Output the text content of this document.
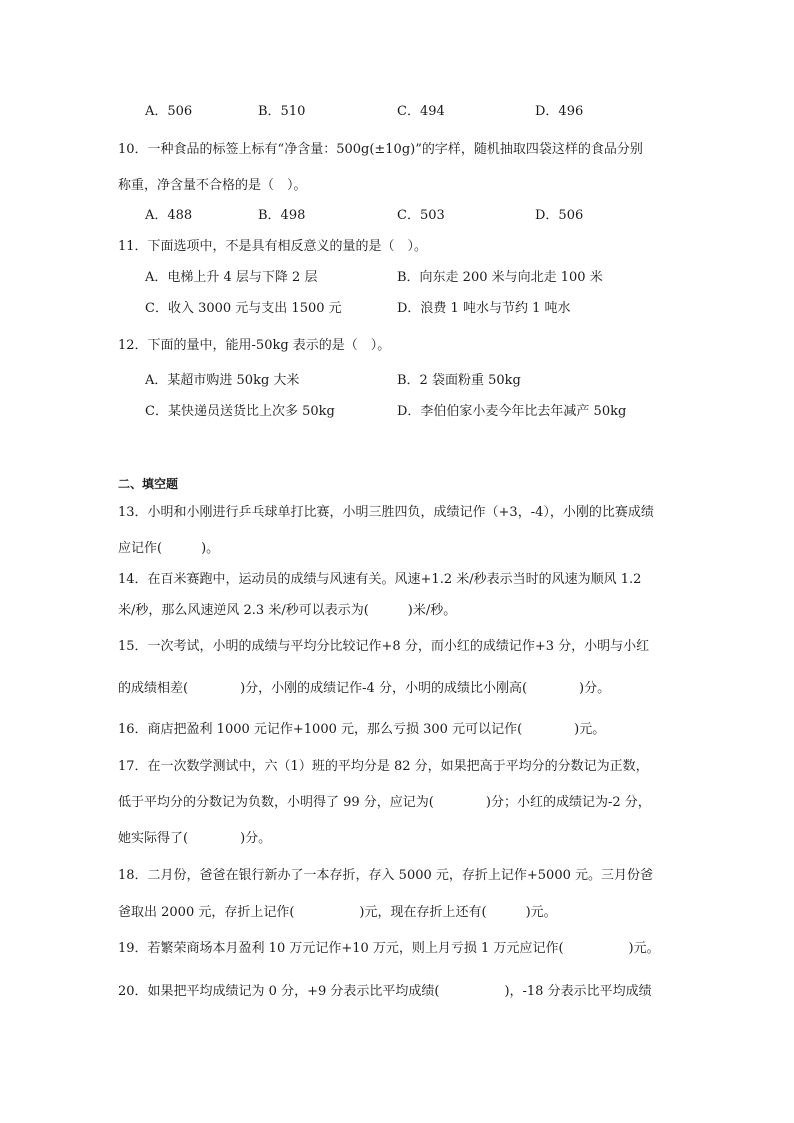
A．506	B．510	C．494	D．496
10．一种食品的标签上标有“净含量：500g(±10g)”的字样，随机抽取四袋这样的食品分别
称重，净含量不合格的是（　）。
A．488	B．498	C．503	D．506
11．下面选项中，不是具有相反意义的量的是（　）。
A．电梯上升 4 层与下降 2 层	B．向东走 200 米与向北走 100 米
C．收入 3000 元与支出 1500 元	D．浪费 1 吨水与节约 1 吨水
12．下面的量中，能用-50kg 表示的是（　）。
A．某超市购进 50kg 大米	B．2 袋面粉重 50kg
C．某快递员送货比上次多 50kg	D．李伯伯家小麦今年比去年减产 50kg
二、填空题
13．小明和小刚进行乒乓球单打比赛，小明三胜四负，成绩记作（+3，-4），小刚的比赛成绩
应记作(　　　)。
14．在百米赛跑中，运动员的成绩与风速有关。风速+1.2 米/秒表示当时的风速为顺风 1.2
米/秒，那么风速逆风 2.3 米/秒可以表示为(　　　)米/秒。
15．一次考试，小明的成绩与平均分比较记作+8 分，而小红的成绩记作+3 分，小明与小红
的成绩相差(　　　　)分，小刚的成绩记作-4 分，小明的成绩比小刚高(　　　　)分。
16．商店把盈利 1000 元记作+1000 元，那么亏损 300 元可以记作(　　　　)元。
17．在一次数学测试中，六（1）班的平均分是 82 分，如果把高于平均分的分数记为正数，
低于平均分的分数记为负数，小明得了 99 分，应记为(　　　　)分；小红的成绩记为-2 分，
她实际得了(　　　　)分。
18．二月份，爸爸在银行新办了一本存折，存入 5000 元，存折上记作+5000 元。三月份爸
爸取出 2000 元，存折上记作(　　　　　)元，现在存折上还有(　　　)元。
19．若繁荣商场本月盈利 10 万元记作+10 万元，则上月亏损 1 万元应记作(　　　　　)元。
20．如果把平均成绩记为 0 分，+9 分表示比平均成绩(　　　　　)，-18 分表示比平均成绩
